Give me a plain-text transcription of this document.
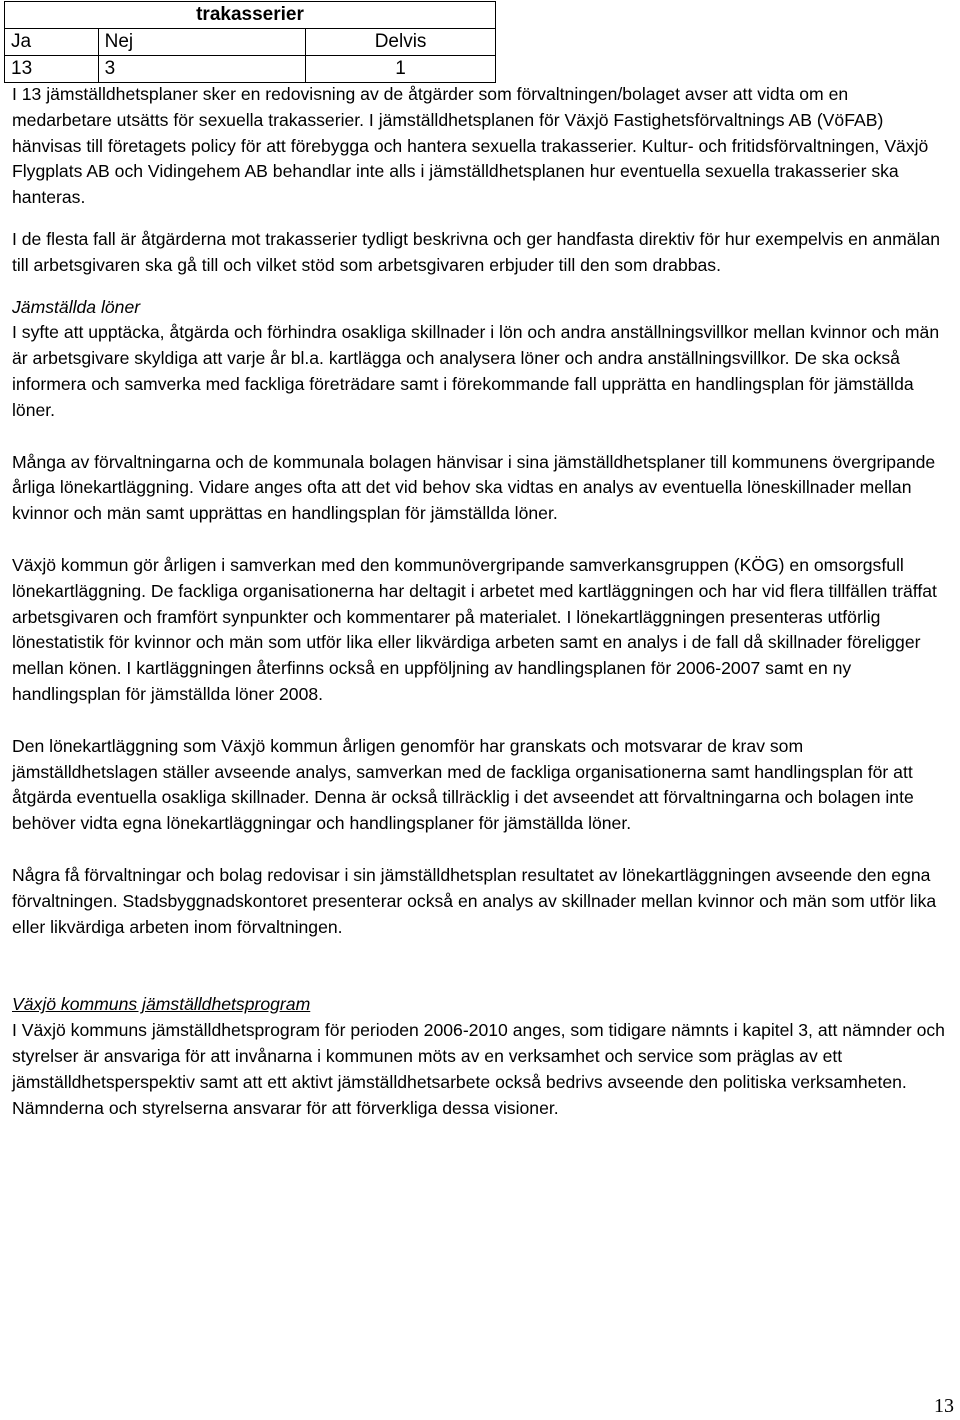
trakasserier		
Ja	Nej	Delvis
13	3	1

I 13 jämställdhetsplaner sker en redovisning av de åtgärder som förvaltningen/bolaget avser att vidta om en medarbetare utsätts för sexuella trakasserier. I jämställdhetsplanen för Växjö Fastighetsförvaltnings AB (VöFAB) hänvisas till företagets policy för att förebygga och hantera sexuella trakasserier. Kultur- och fritidsförvaltningen, Växjö Flygplats AB och Vidingehem AB behandlar inte alls i jämställdhetsplanen hur eventuella sexuella trakasserier ska hanteras.

I de flesta fall är åtgärderna mot trakasserier tydligt beskrivna och ger handfasta direktiv för hur exempelvis en anmälan till arbetsgivaren ska gå till och vilket stöd som arbetsgivaren erbjuder till den som drabbas.

Jämställda löner

I syfte att upptäcka, åtgärda och förhindra osakliga skillnader i lön och andra anställningsvillkor mellan kvinnor och män är arbetsgivare skyldiga att varje år bl.a. kartlägga och analysera löner och andra anställningsvillkor. De ska också informera och samverka med fackliga företrädare samt i förekommande fall upprätta en handlingsplan för jämställda löner.

Många av förvaltningarna och de kommunala bolagen hänvisar i sina jämställdhetsplaner till kommunens övergripande årliga lönekartläggning. Vidare anges ofta att det vid behov ska vidtas en analys av eventuella löneskillnader mellan kvinnor och män samt upprättas en handlingsplan för jämställda löner.

Växjö kommun gör årligen i samverkan med den kommunövergripande samverkansgruppen (KÖG) en omsorgsfull lönekartläggning. De fackliga organisationerna har deltagit i arbetet med kartläggningen och har vid flera tillfällen träffat arbetsgivaren och framfört synpunkter och kommentarer på materialet. I lönekartläggningen presenteras utförlig lönestatistik för kvinnor och män som utför lika eller likvärdiga arbeten samt en analys i de fall då skillnader föreligger mellan könen. I kartläggningen återfinns också en uppföljning av handlingsplanen för 2006-2007 samt en ny handlingsplan för jämställda löner 2008.

Den lönekartläggning som Växjö kommun årligen genomför har granskats och motsvarar de krav som jämställdhetslagen ställer avseende analys, samverkan med de fackliga organisationerna samt handlingsplan för att åtgärda eventuella osakliga skillnader. Denna är också tillräcklig i det avseendet att förvaltningarna och bolagen inte behöver vidta egna lönekartläggningar och handlingsplaner för jämställda löner.

Några få förvaltningar och bolag redovisar i sin jämställdhetsplan resultatet av lönekartläggningen avseende den egna förvaltningen. Stadsbyggnadskontoret presenterar också en analys av skillnader mellan kvinnor och män som utför lika eller likvärdiga arbeten inom förvaltningen.

Växjö kommuns jämställdhetsprogram

I Växjö kommuns jämställdhetsprogram för perioden 2006-2010 anges, som tidigare nämnts i kapitel 3, att nämnder och styrelser är ansvariga för att invånarna i kommunen möts av en verksamhet och service som präglas av ett jämställdhetsperspektiv samt att ett aktivt jämställdhetsarbete också bedrivs avseende den politiska verksamheten. Nämnderna och styrelserna ansvarar för att förverkliga dessa visioner.

13
